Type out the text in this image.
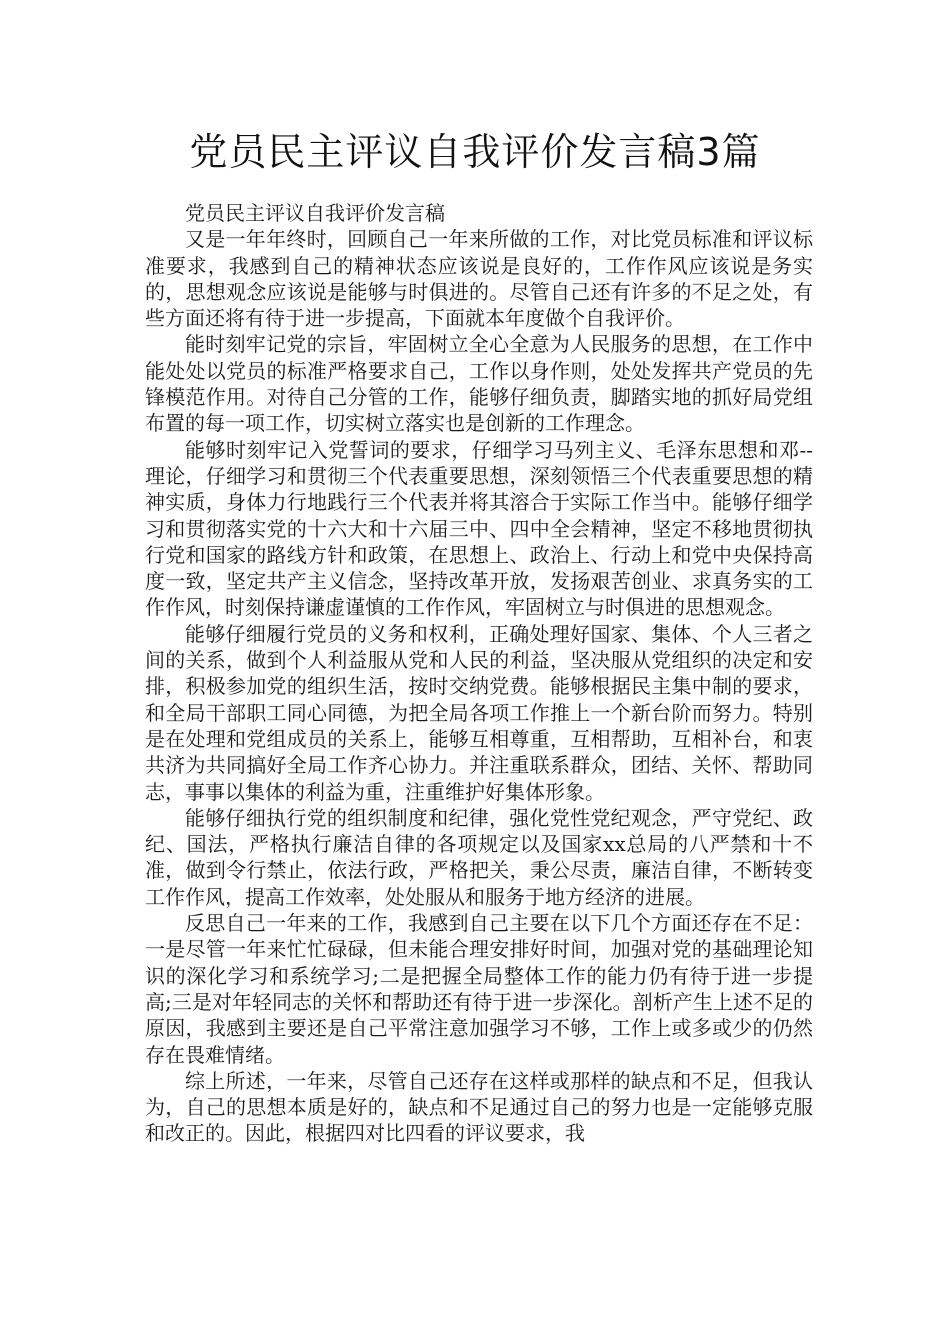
党员民主评议自我评价发言稿3篇

党员民主评议自我评价发言稿

又是一年年终时，回顾自己一年来所做的工作，对比党员标准和评议标准要求，我感到自己的精神状态应该说是良好的，工作作风应该说是务实的，思想观念应该说是能够与时俱进的。尽管自己还有许多的不足之处，有些方面还将有待于进一步提高，下面就本年度做个自我评价。

能时刻牢记党的宗旨，牢固树立全心全意为人民服务的思想，在工作中能处处以党员的标准严格要求自己，工作以身作则，处处发挥共产党员的先锋模范作用。对待自己分管的工作，能够仔细负责，脚踏实地的抓好局党组布置的每一项工作，切实树立落实也是创新的工作理念。

能够时刻牢记入党誓词的要求，仔细学习马列主义、毛泽东思想和邓--理论，仔细学习和贯彻三个代表重要思想，深刻领悟三个代表重要思想的精神实质，身体力行地践行三个代表并将其溶合于实际工作当中。能够仔细学习和贯彻落实党的十六大和十六届三中、四中全会精神，坚定不移地贯彻执行党和国家的路线方针和政策，在思想上、政治上、行动上和党中央保持高度一致，坚定共产主义信念，坚持改革开放，发扬艰苦创业、求真务实的工作作风，时刻保持谦虚谨慎的工作作风，牢固树立与时俱进的思想观念。

能够仔细履行党员的义务和权利，正确处理好国家、集体、个人三者之间的关系，做到个人利益服从党和人民的利益，坚决服从党组织的决定和安排，积极参加党的组织生活，按时交纳党费。能够根据民主集中制的要求，和全局干部职工同心同德，为把全局各项工作推上一个新台阶而努力。特别是在处理和党组成员的关系上，能够互相尊重，互相帮助，互相补台，和衷共济为共同搞好全局工作齐心协力。并注重联系群众，团结、关怀、帮助同志，事事以集体的利益为重，注重维护好集体形象。

能够仔细执行党的组织制度和纪律，强化党性党纪观念，严守党纪、政纪、国法，严格执行廉洁自律的各项规定以及国家xx总局的八严禁和十不准，做到令行禁止，依法行政，严格把关，秉公尽责，廉洁自律，不断转变工作作风，提高工作效率，处处服从和服务于地方经济的进展。

反思自己一年来的工作，我感到自己主要在以下几个方面还存在不足：一是尽管一年来忙忙碌碌，但未能合理安排好时间，加强对党的基础理论知识的深化学习和系统学习;二是把握全局整体工作的能力仍有待于进一步提高;三是对年轻同志的关怀和帮助还有待于进一步深化。剖析产生上述不足的原因，我感到主要还是自己平常注意加强学习不够，工作上或多或少的仍然存在畏难情绪。

综上所述，一年来，尽管自己还存在这样或那样的缺点和不足，但我认为，自己的思想本质是好的，缺点和不足通过自己的努力也是一定能够克服和改正的。因此，根据四对比四看的评议要求，我
